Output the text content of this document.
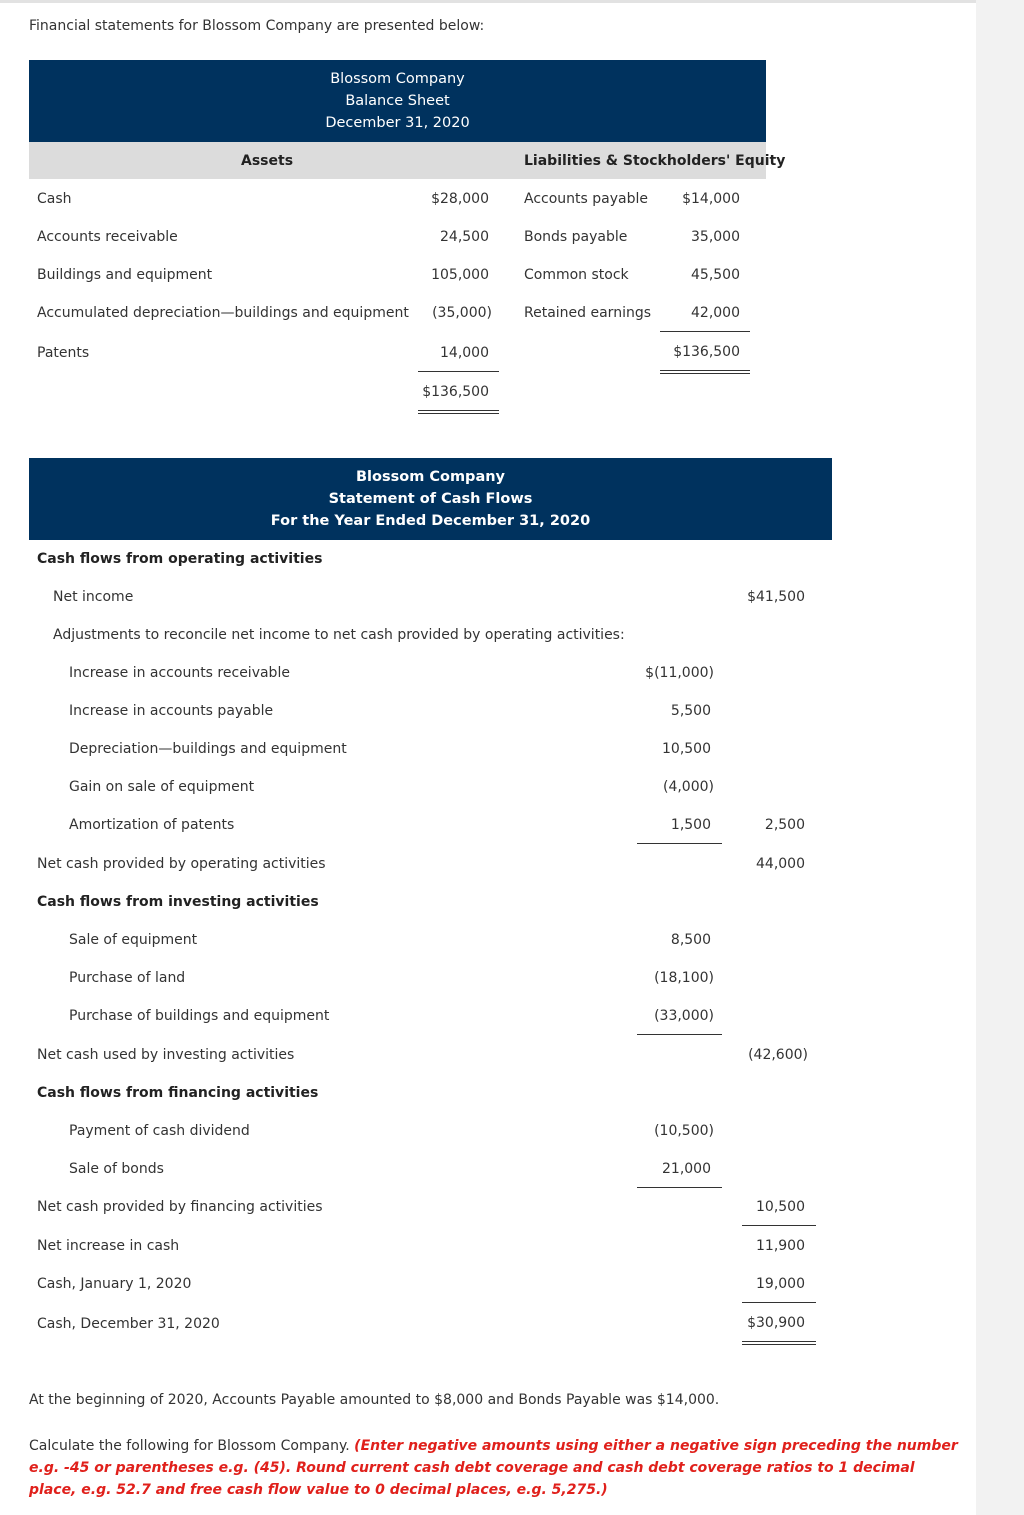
Financial statements for Blossom Company are presented below:
Blossom Company
Balance Sheet
December 31, 2020
Assets	Liabilities & Stockholders' Equity
Cash	$28,000
Accounts receivable	24,500
Buildings and equipment	105,000
Accumulated depreciation—buildings and equipment	(35,000)
Patents	14,000
$136,500
Accounts payable	$14,000
Bonds payable	35,000
Common stock	45,500
Retained earnings	42,000
$136,500
Blossom Company
Statement of Cash Flows
For the Year Ended December 31, 2020
Cash flows from operating activities
Net income	$41,500
Adjustments to reconcile net income to net cash provided by operating activities:
Increase in accounts receivable	$(11,000)
Increase in accounts payable	5,500
Depreciation—buildings and equipment	10,500
Gain on sale of equipment	(4,000)
Amortization of patents	1,500	2,500
Net cash provided by operating activities	44,000
Cash flows from investing activities
Sale of equipment	8,500
Purchase of land	(18,100)
Purchase of buildings and equipment	(33,000)
Net cash used by investing activities	(42,600)
Cash flows from financing activities
Payment of cash dividend	(10,500)
Sale of bonds	21,000
Net cash provided by financing activities	10,500
Net increase in cash	11,900
Cash, January 1, 2020	19,000
Cash, December 31, 2020	$30,900
At the beginning of 2020, Accounts Payable amounted to $8,000 and Bonds Payable was $14,000.
Calculate the following for Blossom Company. (Enter negative amounts using either a negative sign preceding the number e.g. -45 or parentheses e.g. (45). Round current cash debt coverage and cash debt coverage ratios to 1 decimal place, e.g. 52.7 and free cash flow value to 0 decimal places, e.g. 5,275.)
